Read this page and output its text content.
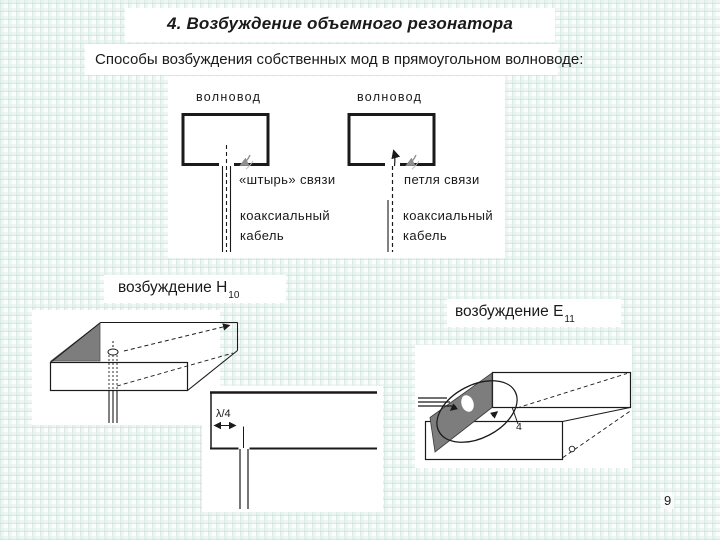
4. Возбуждение объемного резонатора
Способы возбуждения собственных мод в прямоугольном волноводе:
волновод	волновод
«штырь» связи	петля связи
коаксиальный
кабель
коаксиальный
кабель
возбуждение $H_{10}$
возбуждение $E_{11}$
λ/4
4
9
